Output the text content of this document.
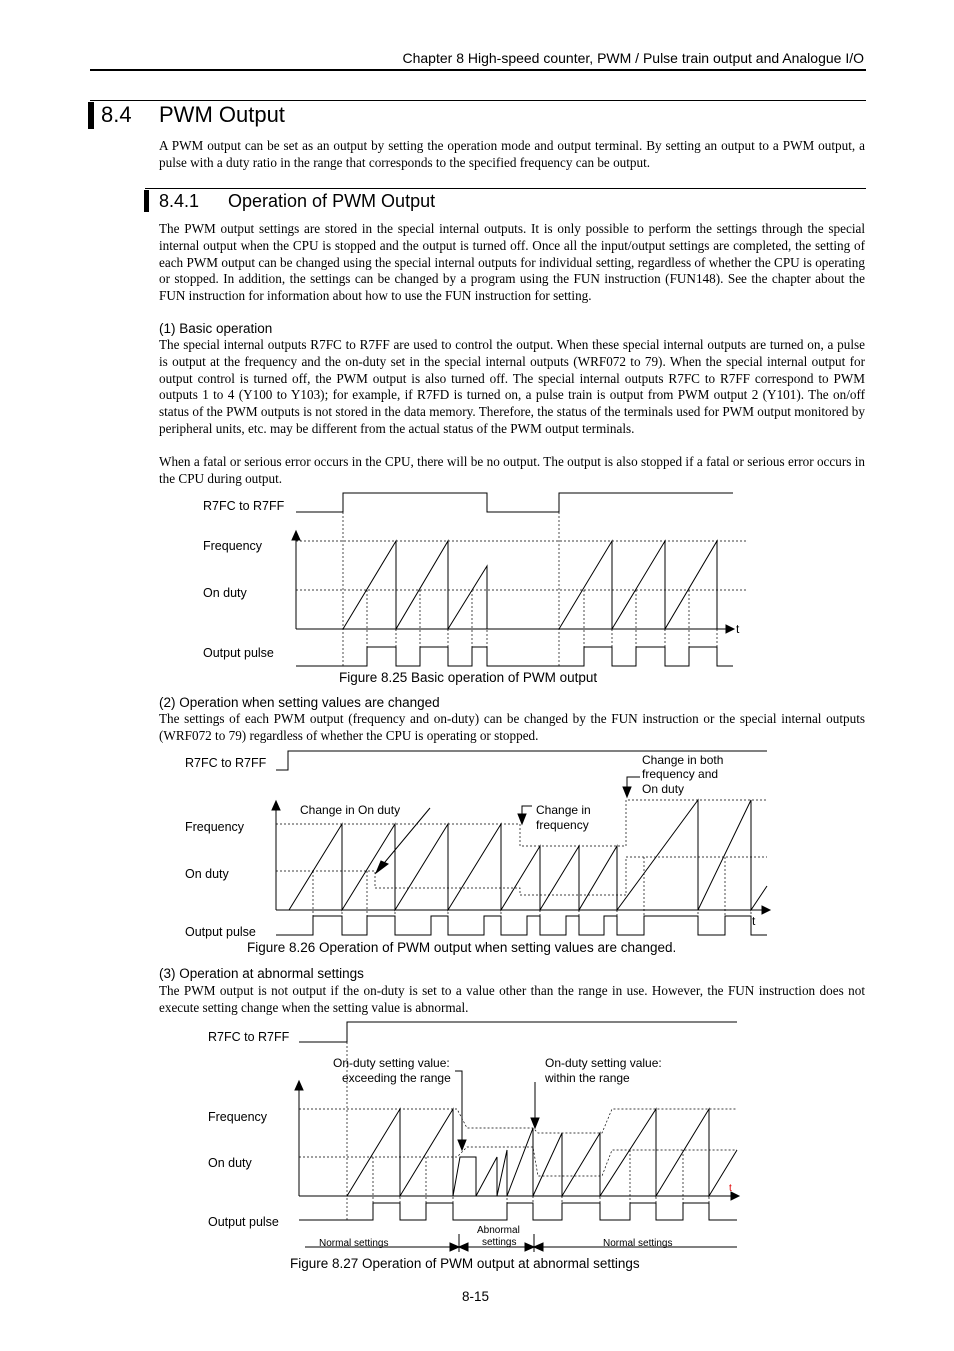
Chapter 8 High-speed counter, PWM / Pulse train output and Analogue I/O
8.4 PWM Output
A PWM output can be set as an output by setting the operation mode and output terminal. By setting an output to a PWM output, a pulse with a duty ratio in the range that corresponds to the specified frequency can be output.
8.4.1 Operation of PWM Output
The PWM output settings are stored in the special internal outputs. It is only possible to perform the settings through the special internal output when the CPU is stopped and the output is turned off. Once all the input/output settings are completed, the setting of each PWM output can be changed using the special internal outputs for individual setting, regardless of whether the CPU is operating or stopped. In addition, the settings can be changed by a program using the FUN instruction (FUN148). See the chapter about the FUN instruction for information about how to use the FUN instruction for setting.
(1) Basic operation
The special internal outputs R7FC to R7FF are used to control the output. When these special internal outputs are turned on, a pulse is output at the frequency and the on-duty set in the special internal outputs (WRF072 to 79). When the special internal output for output control is turned off, the PWM output is also turned off. The special internal outputs R7FC to R7FF correspond to PWM outputs 1 to 4 (Y100 to Y103); for example, if R7FD is turned on, a pulse train is output from PWM output 2 (Y101). The on/off status of the PWM outputs is not stored in the data memory. Therefore, the status of the terminals used for PWM output monitored by peripheral units, etc. may be different from the actual status of the PWM output terminals.
When a fatal or serious error occurs in the CPU, there will be no output. The output is also stopped if a fatal or serious error occurs in the CPU during output.
R7FC to R7FF
Frequency
On duty
Output pulse
t
Figure 8.25 Basic operation of PWM output
(2) Operation when setting values are changed
The settings of each PWM output (frequency and on-duty) can be changed by the FUN instruction or the special internal outputs (WRF072 to 79) regardless of whether the CPU is operating or stopped.
R7FC to R7FF
Frequency
On duty
Output pulse
t
Change in On duty	Change in
frequency
Change in both
frequency and
On duty
Figure 8.26 Operation of PWM output when setting values are changed.
(3) Operation at abnormal settings
The PWM output is not output if the on-duty is set to a value other than the range in use. However, the FUN instruction does not execute setting change when the setting value is abnormal.
R7FC to R7FF
Frequency
On duty
Output pulse
t
On-duty setting value:
exceeding the range
On-duty setting value:
within the range
Normal settings
Abnormal
settings	Normal settings
Figure 8.27 Operation of PWM output at abnormal settings
8-15
